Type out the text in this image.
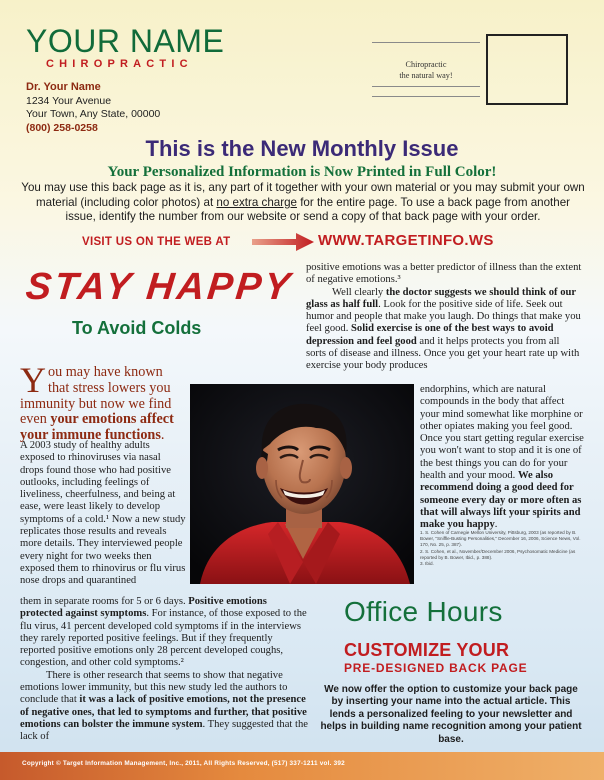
YOUR NAME
CHIROPRACTIC
Dr. Your Name
1234 Your Avenue
Your Town, Any State, 00000
(800) 258-0258
Chiropractic
the natural way!
This is the New Monthly Issue
Your Personalized Information is Now Printed in Full Color!
You may use this back page as it is, any part of it together with your own material or you may submit your own material (including color photos) at no extra charge for the entire page. To use a back page from another issue, identify the number from our website or send a copy of that back page with your order.
VISIT US ON THE WEB AT	WWW.TARGETINFO.WS
STAY HAPPY
To Avoid Colds

positive emotions was a better predictor of illness than the extent of negative emotions.³

Well clearly the doctor suggests we should think of our glass as half full. Look for the positive side of life. Seek out humor and people that make you laugh. Do things that make you feel good. Solid exercise is one of the best ways to avoid depression and feel good and it helps protects you from all sorts of disease and illness. Once you get your heart rate up with exercise your body produces

You may have known that stress lowers you immunity but now we find even your emotions affect your immune functions.
A 2003 study of healthy adults exposed to rhinoviruses via nasal drops found those who had positive outlooks, including feelings of liveliness, cheerfulness, and being at ease, were least likely to develop symptoms of a cold.¹ Now a new study replicates those results and reveals more details. They interviewed people every night for two weeks then exposed them to rhinovirus or flu virus nose drops and quarantined
endorphins, which are natural compounds in the body that affect your mind somewhat like morphine or other opiates making you feel good. Once you start getting regular exercise you won't want to stop and it is one of the best things you can do for your health and your mood. We also recommend doing a good deed for someone every day or more often as that will always lift your spirits and make you happy.
1. S. Cohen of Carnegie Mellon University, Pittsburg, 2003 (as reported by B. Bower, "Sniffle-Busting Personalities," December 16, 2006, Science News, Vol. 170, No. 25, p. 387).
2. S. Cohen, et al., November/December 2006, Psychosomatic Medicine (as reported by B. Bower, Ibid., p. 388).
3. Ibid.

them in separate rooms for 5 or 6 days. Positive emotions protected against symptoms. For instance, of those exposed to the flu virus, 41 percent developed cold symptoms if in the interviews they rarely reported positive feelings. But if they frequently reported positive emotions only 28 percent developed coughs, congestion, and other cold symptoms.²

There is other research that seems to show that negative emotions lower immunity, but this new study led the authors to conclude that it was a lack of positive emotions, not the presence of negative ones, that led to symptoms and further, that positive emotions can bolster the immune system. They suggested that the lack of

Office Hours
CUSTOMIZE YOUR
PRE-DESIGNED BACK PAGE
We now offer the option to customize your back page by inserting your name into the actual article. This lends a personalized feeling to your newsletter and helps in building name recognition among your patient base.
Copyright © Target Information Management, Inc., 2011, All Rights Reserved, (517) 337-1211 vol. 392
